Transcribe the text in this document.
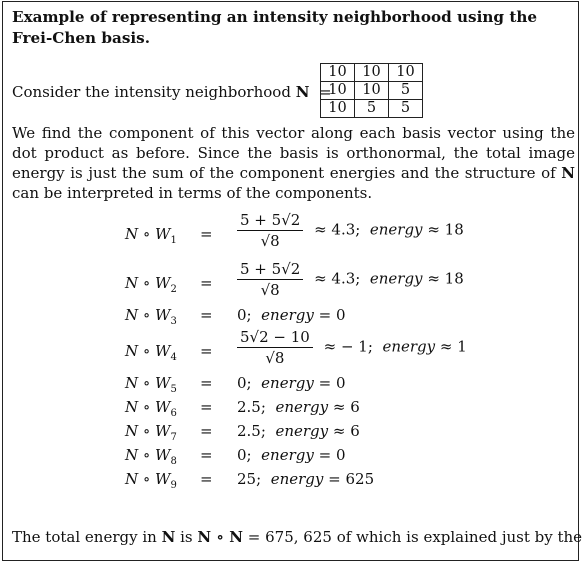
Example of representing an intensity neighborhood using the Frei-Chen basis.

Consider the intensity neighborhood N =
10	10	10
10	10	5
10	5	5

We find the component of this vector along each basis vector using the dot product as before. Since the basis is orthonormal, the total image energy is just the sum of the component energies and the structure of N can be interpreted in terms of the components.

N ∘ $W_1 = \frac{5 + 5√2}{√8} \approx 4.3$; energy ≈ 18
N ∘ $W_2 = \frac{5 + 5√2}{√8} \approx 4.3$; energy ≈ 18
N ∘ $W_3 = 0$; energy = 0
N ∘ $W_4 = \frac{5√2 - 10}{√8}$ ≈ − 1; energy ≈ 1
N ∘ $W_5 = 0$; energy = 0
N ∘ $W_6 = 2.5$; energy ≈ 6
N ∘ $W_7 = 2.5$; energy ≈ 6
N ∘ $W_8 = 0$; energy = 0
N ∘ $W_9 = 25$; energy = 625
The total energy in N is N ∘ N = 675, 625 of which is explained just by the
